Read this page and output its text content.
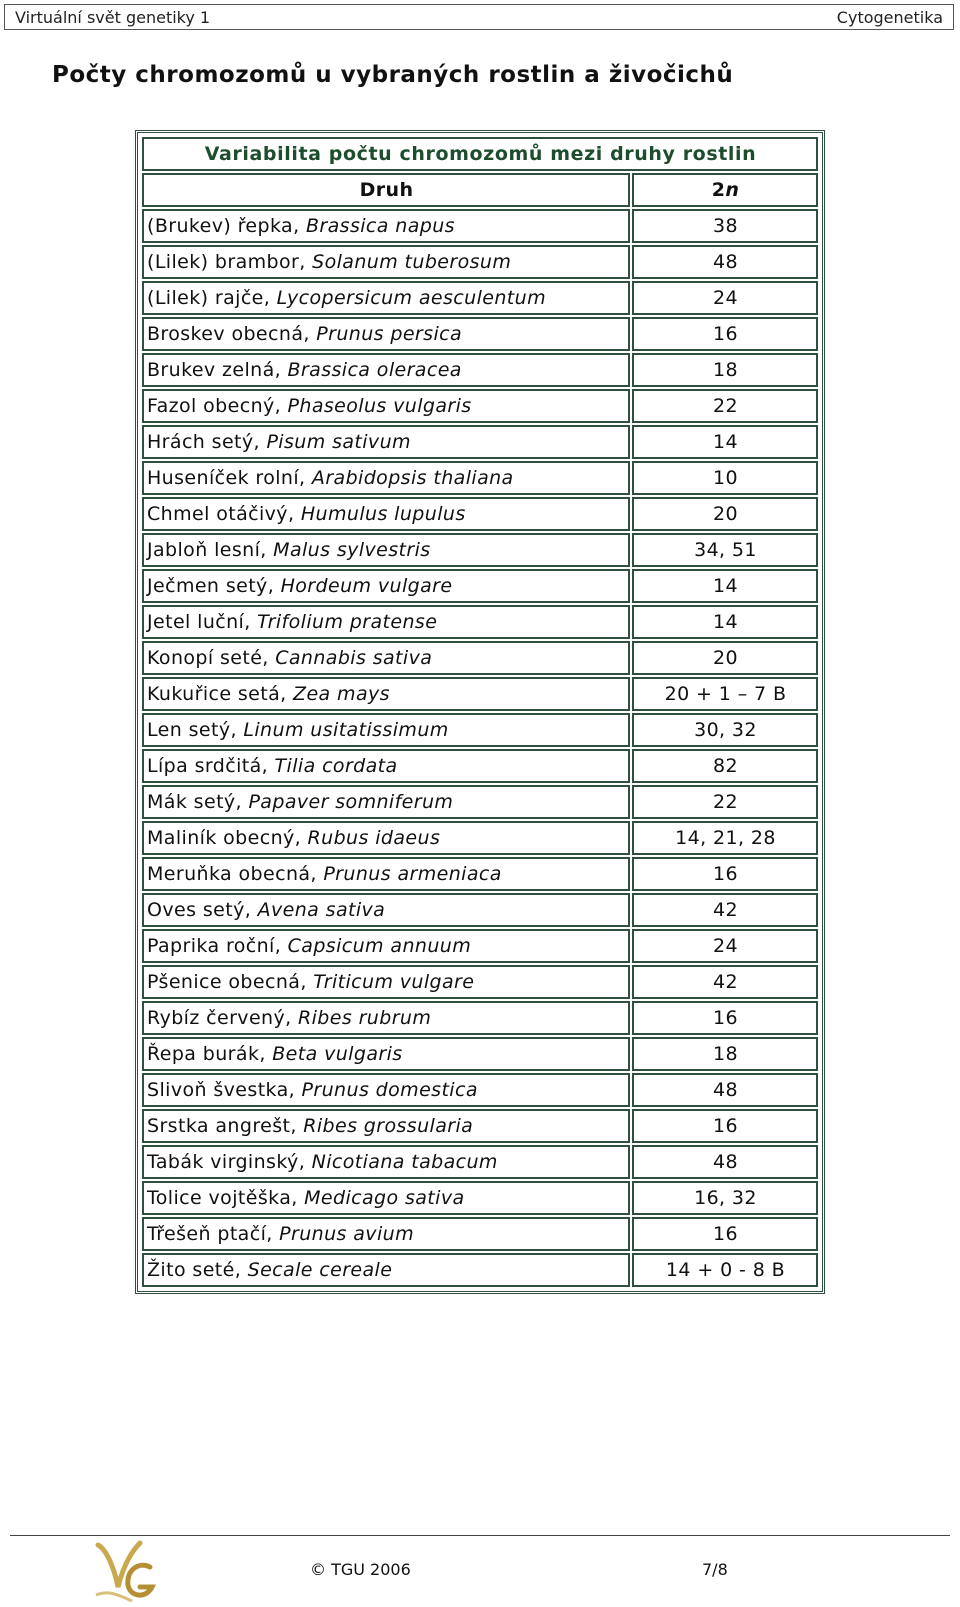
Virtuální svět genetiky 1	Cytogenetika
Počty chromozomů u vybraných rostlin a živočichů
Variabilita počtu chromozomů mezi druhy rostlin	
Druh	2n
(Brukev) řepka, Brassica napus	38
(Lilek) brambor, Solanum tuberosum	48
(Lilek) rajče, Lycopersicum aesculentum	24
Broskev obecná, Prunus persica	16
Brukev zelná, Brassica oleracea	18
Fazol obecný, Phaseolus vulgaris	22
Hrách setý, Pisum sativum	14
Huseníček rolní, Arabidopsis thaliana	10
Chmel otáčivý, Humulus lupulus	20
Jabloň lesní, Malus sylvestris	34, 51
Ječmen setý, Hordeum vulgare	14
Jetel luční, Trifolium pratense	14
Konopí seté, Cannabis sativa	20
Kukuřice setá, Zea mays	20 + 1 – 7 B
Len setý, Linum usitatissimum	30, 32
Lípa srdčitá, Tilia cordata	82
Mák setý, Papaver somniferum	22
Maliník obecný, Rubus idaeus	14, 21, 28
Meruňka obecná, Prunus armeniaca	16
Oves setý, Avena sativa	42
Paprika roční, Capsicum annuum	24
Pšenice obecná, Triticum vulgare	42
Rybíz červený, Ribes rubrum	16
Řepa burák, Beta vulgaris	18
Slivoň švestka, Prunus domestica	48
Srstka angrešt, Ribes grossularia	16
Tabák virginský, Nicotiana tabacum	48
Tolice vojtěška, Medicago sativa	16, 32
Třešeň ptačí, Prunus avium	16
Žito seté, Secale cereale	14 + 0 - 8 B
© TGU 2006	7/8
